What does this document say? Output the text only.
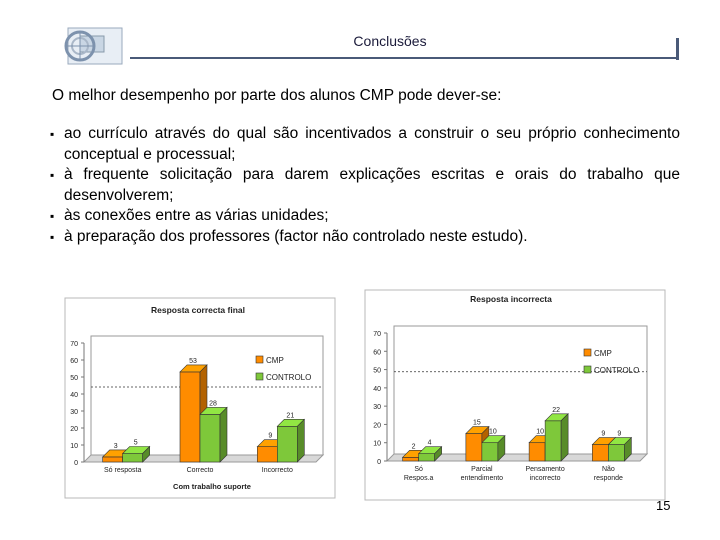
Conclusões
O melhor desempenho por parte dos alunos CMP pode dever-se:
▪ ao currículo através do qual são incentivados a construir o seu próprio conhecimento conceptual e processual;
▪ à frequente solicitação para darem explicações escritas e orais do trabalho que desenvolverem;
▪ às conexões entre as várias unidades;
▪ à preparação dos professores (factor não controlado neste estudo).
0
10
20
30
40
50
60
70
3 5
Só resposta
53
28
Correcto
9
21
Incorrecto
Resposta correcta final
Com trabalho suporte
CMP
CONTROLO
0
10
20
30
40
50
60
70
2
4
Só
Respos.a
15
10
Parcial
entendimento
10
22
Pensamento
incorrecto
9 9
Não
responde
Resposta incorrecta
CMP
CONTROLO
15
